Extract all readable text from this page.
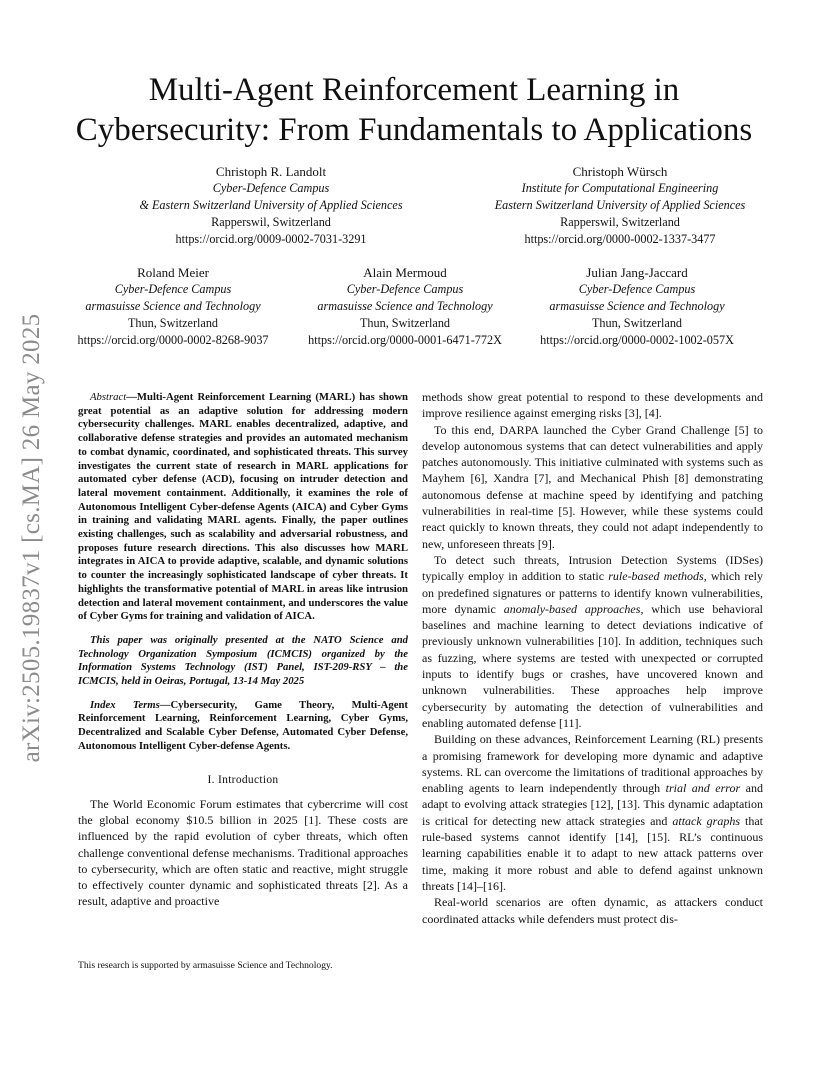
arXiv:2505.19837v1 [cs.MA] 26 May 2025
Multi-Agent Reinforcement Learning in
Cybersecurity: From Fundamentals to Applications
Christoph R. Landolt
Cyber-Defence Campus
& Eastern Switzerland University of Applied Sciences
Rapperswil, Switzerland
https://orcid.org/0009-0002-7031-3291
Christoph Würsch
Institute for Computational Engineering
Eastern Switzerland University of Applied Sciences
Rapperswil, Switzerland
https://orcid.org/0000-0002-1337-3477
Roland Meier
Cyber-Defence Campus
armasuisse Science and Technology
Thun, Switzerland
https://orcid.org/0000-0002-8268-9037
Alain Mermoud
Cyber-Defence Campus
armasuisse Science and Technology
Thun, Switzerland
https://orcid.org/0000-0001-6471-772X
Julian Jang-Jaccard
Cyber-Defence Campus
armasuisse Science and Technology
Thun, Switzerland
https://orcid.org/0000-0002-1002-057X

Abstract—Multi-Agent Reinforcement Learning (MARL) has shown great potential as an adaptive solution for addressing modern cybersecurity challenges. MARL enables decentralized, adaptive, and collaborative defense strategies and provides an automated mechanism to combat dynamic, coordinated, and sophisticated threats. This survey investigates the current state of research in MARL applications for automated cyber defense (ACD), focusing on intruder detection and lateral movement containment. Additionally, it examines the role of Autonomous Intelligent Cyber-defense Agents (AICA) and Cyber Gyms in training and validating MARL agents. Finally, the paper outlines existing challenges, such as scalability and adversarial robustness, and proposes future research directions. This also discusses how MARL integrates in AICA to provide adaptive, scalable, and dynamic solutions to counter the increasingly sophisticated landscape of cyber threats. It highlights the transformative potential of MARL in areas like intrusion detection and lateral movement containment, and underscores the value of Cyber Gyms for training and validation of AICA.

This paper was originally presented at the NATO Science and Technology Organization Symposium (ICMCIS) organized by the Information Systems Technology (IST) Panel, IST-209-RSY – the ICMCIS, held in Oeiras, Portugal, 13-14 May 2025

Index Terms—Cybersecurity, Game Theory, Multi-Agent Reinforcement Learning, Reinforcement Learning, Cyber Gyms, Decentralized and Scalable Cyber Defense, Automated Cyber Defense, Autonomous Intelligent Cyber-defense Agents.

I. Introduction

The World Economic Forum estimates that cybercrime will cost the global economy $10.5 billion in 2025 [1]. These costs are influenced by the rapid evolution of cyber threats, which often challenge conventional defense mechanisms. Traditional approaches to cybersecurity, which are often static and reactive, might struggle to effectively counter dynamic and sophisticated threats [2]. As a result, adaptive and proactive

This research is supported by armasuisse Science and Technology.

methods show great potential to respond to these developments and improve resilience against emerging risks [3], [4].

To this end, DARPA launched the Cyber Grand Challenge [5] to develop autonomous systems that can detect vulnerabilities and apply patches autonomously. This initiative culminated with systems such as Mayhem [6], Xandra [7], and Mechanical Phish [8] demonstrating autonomous defense at machine speed by identifying and patching vulnerabilities in real-time [5]. However, while these systems could react quickly to known threats, they could not adapt independently to new, unforeseen threats [9].

To detect such threats, Intrusion Detection Systems (IDSes) typically employ in addition to static rule-based methods, which rely on predefined signatures or patterns to identify known vulnerabilities, more dynamic anomaly-based approaches, which use behavioral baselines and machine learning to detect deviations indicative of previously unknown vulnerabilities [10]. In addition, techniques such as fuzzing, where systems are tested with unexpected or corrupted inputs to identify bugs or crashes, have uncovered known and unknown vulnerabilities. These approaches help improve cybersecurity by automating the detection of vulnerabilities and enabling automated defense [11].

Building on these advances, Reinforcement Learning (RL) presents a promising framework for developing more dynamic and adaptive systems. RL can overcome the limitations of traditional approaches by enabling agents to learn independently through trial and error and adapt to evolving attack strategies [12], [13]. This dynamic adaptation is critical for detecting new attack strategies and attack graphs that rule-based systems cannot identify [14], [15]. RL’s continuous learning capabilities enable it to adapt to new attack patterns over time, making it more robust and able to defend against unknown threats [14]–[16].

Real-world scenarios are often dynamic, as attackers conduct coordinated attacks while defenders must protect dis-
